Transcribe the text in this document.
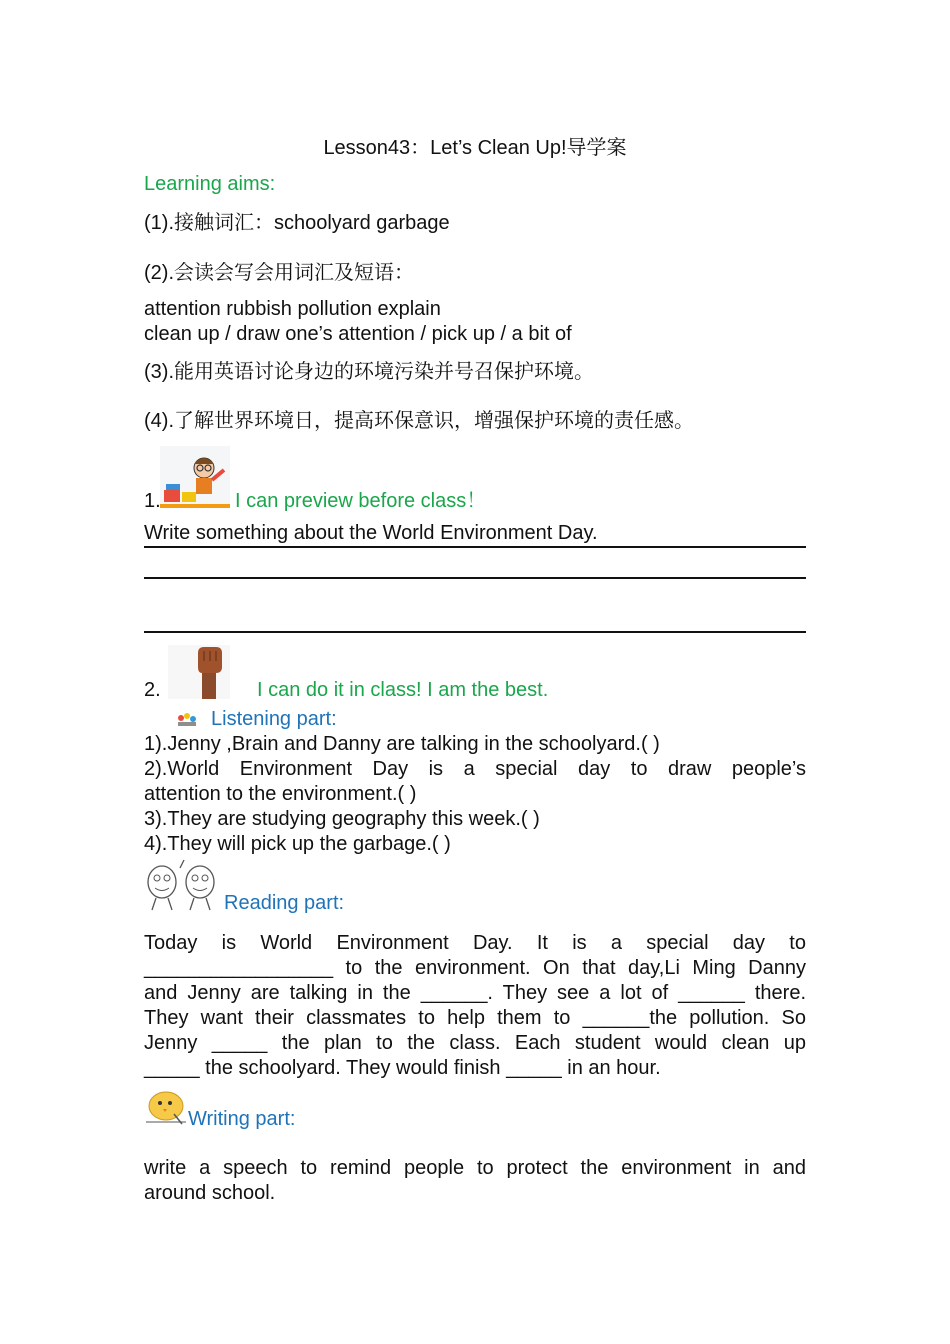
Lesson43：Let’s Clean Up!导学案
Learning aims:
(1).接触词汇：schoolyard garbage
(2).会读会写会用词汇及短语：
attention rubbish pollution explain
clean up / draw one’s attention / pick up / a bit of
(3).能用英语讨论身边的环境污染并号召保护环境。
(4).了解世界环境日，提高环保意识，增强保护环境的责任感。
1.	I can preview before class！
Write something about the World Environment Day.
2.	I can do it in class! I am the best.
Listening part:
1).Jenny ,Brain and Danny are talking in the schoolyard.( )
2).World Environment Day is a special day to draw people’s
attention to the environment.( )
3).They are studying geography this week.( )
4).They will pick up the garbage.( )
Reading part:
Today is World Environment Day. It is a special day to
_________________ to the environment. On that day,Li Ming Danny
and Jenny are talking in the ______. They see a lot of ______ there.
They want their classmates to help them to ______the pollution. So
Jenny _____ the plan to the class. Each student would clean up
_____ the schoolyard. They would finish _____ in an hour.
Writing part:
write a speech to remind people to protect the environment in and
around school.
